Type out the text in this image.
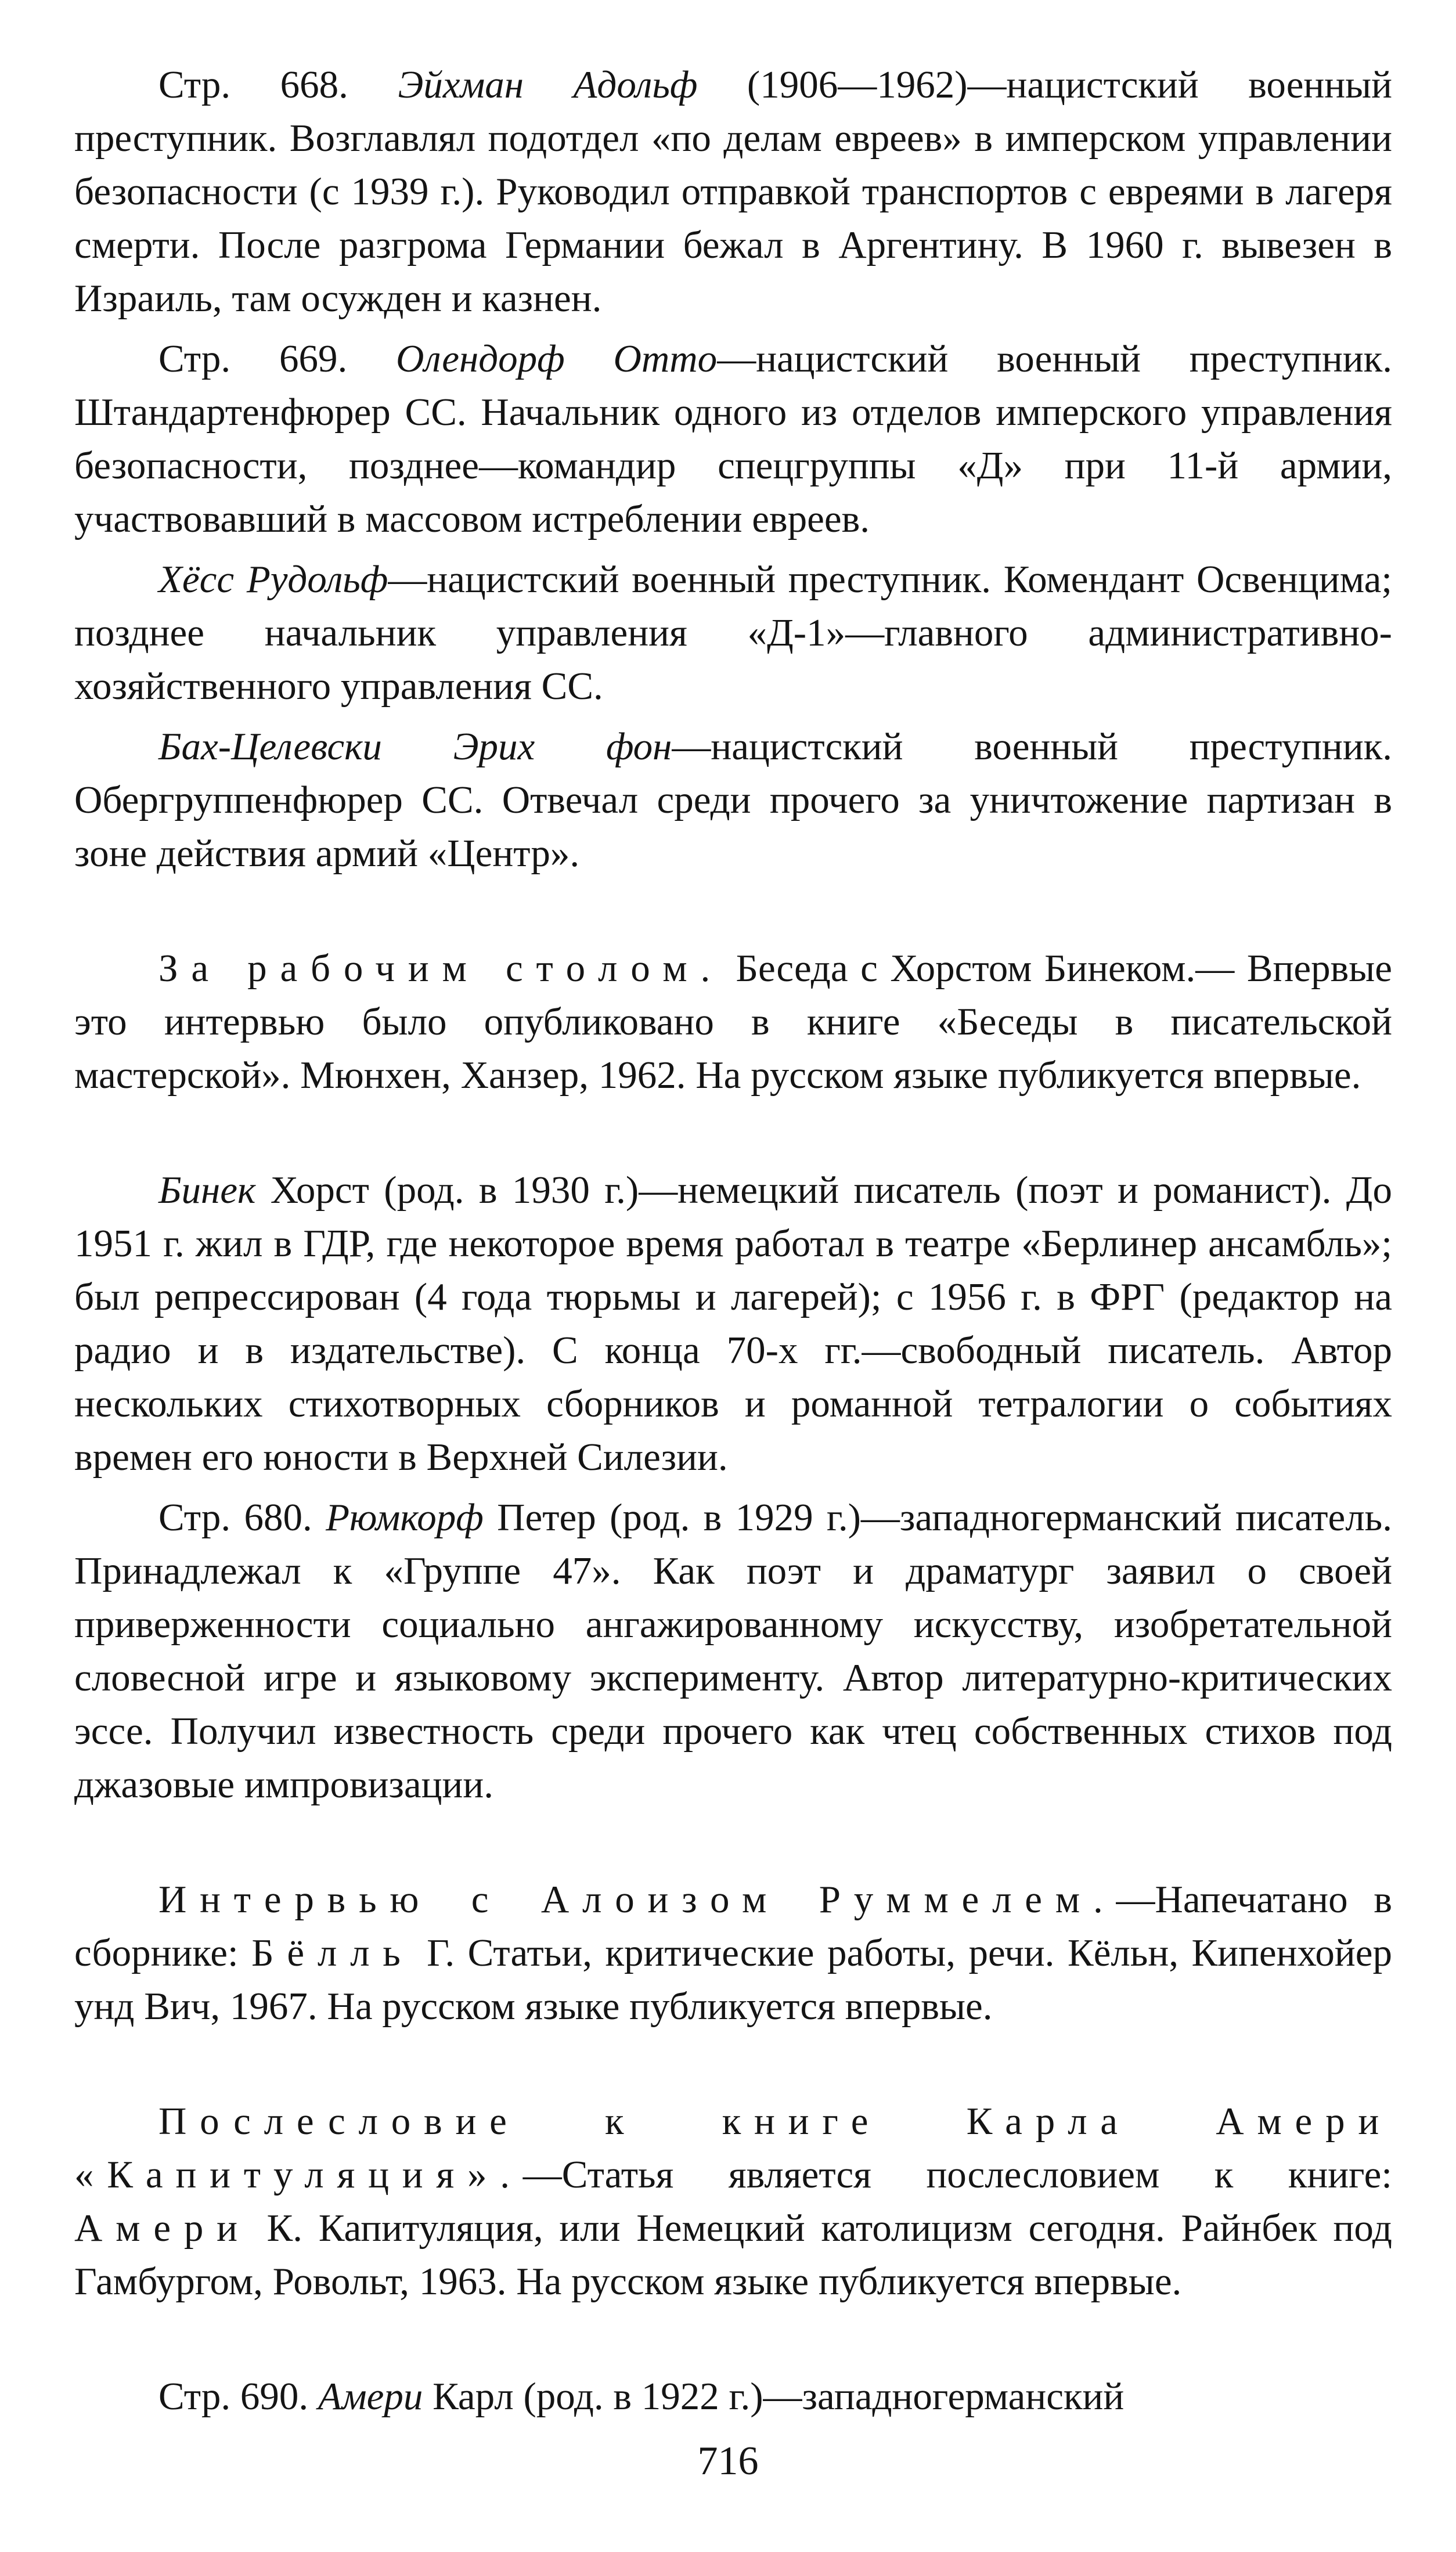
Стр. 668. Эйхман Адольф (1906—1962)—нацистский военный преступник. Возглавлял подотдел «по делам евреев» в имперском управлении безопасности (с 1939 г.). Руководил отправкой транспортов с евреями в лагеря смерти. После разгрома Германии бежал в Аргентину. В 1960 г. вывезен в Израиль, там осужден и казнен.

Стр. 669. Олендорф Отто—нацистский военный преступник. Штандартенфюрер СС. Начальник одного из отделов имперского управления безопасности, позднее—командир спецгруппы «Д» при 11-й армии, участвовавший в массовом истреблении евреев.

Хёсс Рудольф—нацистский военный преступник. Комендант Освенцима; позднее начальник управления «Д-1»—главного административно-хозяйственного управления СС.

Бах-Целевски Эрих фон—нацистский военный преступник. Обергруппенфюрер СС. Отвечал среди прочего за уничтожение партизан в зоне действия армий «Центр».

За рабочим столом. Беседа с Хорстом Бинеком.— Впервые это интервью было опубликовано в книге «Беседы в писательской мастерской». Мюнхен, Ханзер, 1962. На русском языке публикуется впервые.

Бинек Хорст (род. в 1930 г.)—немецкий писатель (поэт и романист). До 1951 г. жил в ГДР, где некоторое время работал в театре «Берлинер ансамбль»; был репрессирован (4 года тюрьмы и лагерей); с 1956 г. в ФРГ (редактор на радио и в издательстве). С конца 70-х гг.—свободный писатель. Автор нескольких стихотворных сборников и романной тетралогии о событиях времен его юности в Верхней Силезии.

Стр. 680. Рюмкорф Петер (род. в 1929 г.)—западногерманский писатель. Принадлежал к «Группе 47». Как поэт и драматург заявил о своей приверженности социально ангажированному искусству, изобретательной словесной игре и языковому эксперименту. Автор литературно-критических эссе. Получил известность среди прочего как чтец собственных стихов под джазовые импровизации.

Интервью с Алоизом Руммелем.—Напечатано в сборнике: Бёлль Г. Статьи, критические работы, речи. Кёльн, Кипенхойер унд Вич, 1967. На русском языке публикуется впервые.

Послесловие к книге Карла Амери «Капитуляция».—Статья является послесловием к книге: Амери К. Капитуляция, или Немецкий католицизм сегодня. Райнбек под Гамбургом, Ровольт, 1963. На русском языке публикуется впервые.

Стр. 690. Амери Карл (род. в 1922 г.)—западногерманский

716
